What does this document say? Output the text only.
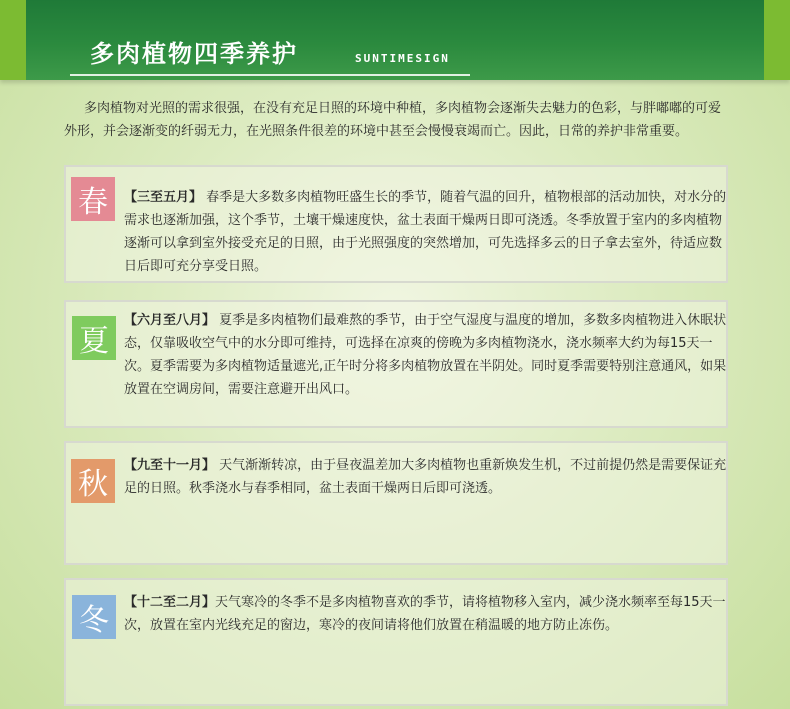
多肉植物四季养护	SUNTIMESIGN

多肉植物对光照的需求很强，在没有充足日照的环境中种植，多肉植物会逐渐失去魅力的色彩，与胖嘟嘟的可爱外形，并会逐渐变的纤弱无力，在光照条件很差的环境中甚至会慢慢衰竭而亡。因此，日常的养护非常重要。

春 【三至五月】 春季是大多数多肉植物旺盛生长的季节，随着气温的回升，植物根部的活动加快，对水分的需求也逐渐加强，这个季节，土壤干燥速度快，盆土表面干燥两日即可浇透。冬季放置于室内的多肉植物逐渐可以拿到室外接受充足的日照，由于光照强度的突然增加，可先选择多云的日子拿去室外，待适应数日后即可充分享受日照。

夏

【六月至八月】 夏季是多肉植物们最难熬的季节，由于空气湿度与温度的增加，多数多肉植物进入休眠状态，仅靠吸收空气中的水分即可维持，可选择在凉爽的傍晚为多肉植物浇水，浇水频率大约为每15天一次。夏季需要为多肉植物适量遮光,正午时分将多肉植物放置在半阴处。同时夏季需要特别注意通风，如果放置在空调房间，需要注意避开出风口。

秋

【九至十一月】 天气渐渐转凉，由于昼夜温差加大多肉植物也重新焕发生机，不过前提仍然是需要保证充足的日照。秋季浇水与春季相同，盆土表面干燥两日后即可浇透。

冬

【十二至二月】天气寒冷的冬季不是多肉植物喜欢的季节，请将植物移入室内，减少浇水频率至每15天一次，放置在室内光线充足的窗边，寒冷的夜间请将他们放置在稍温暖的地方防止冻伤。
